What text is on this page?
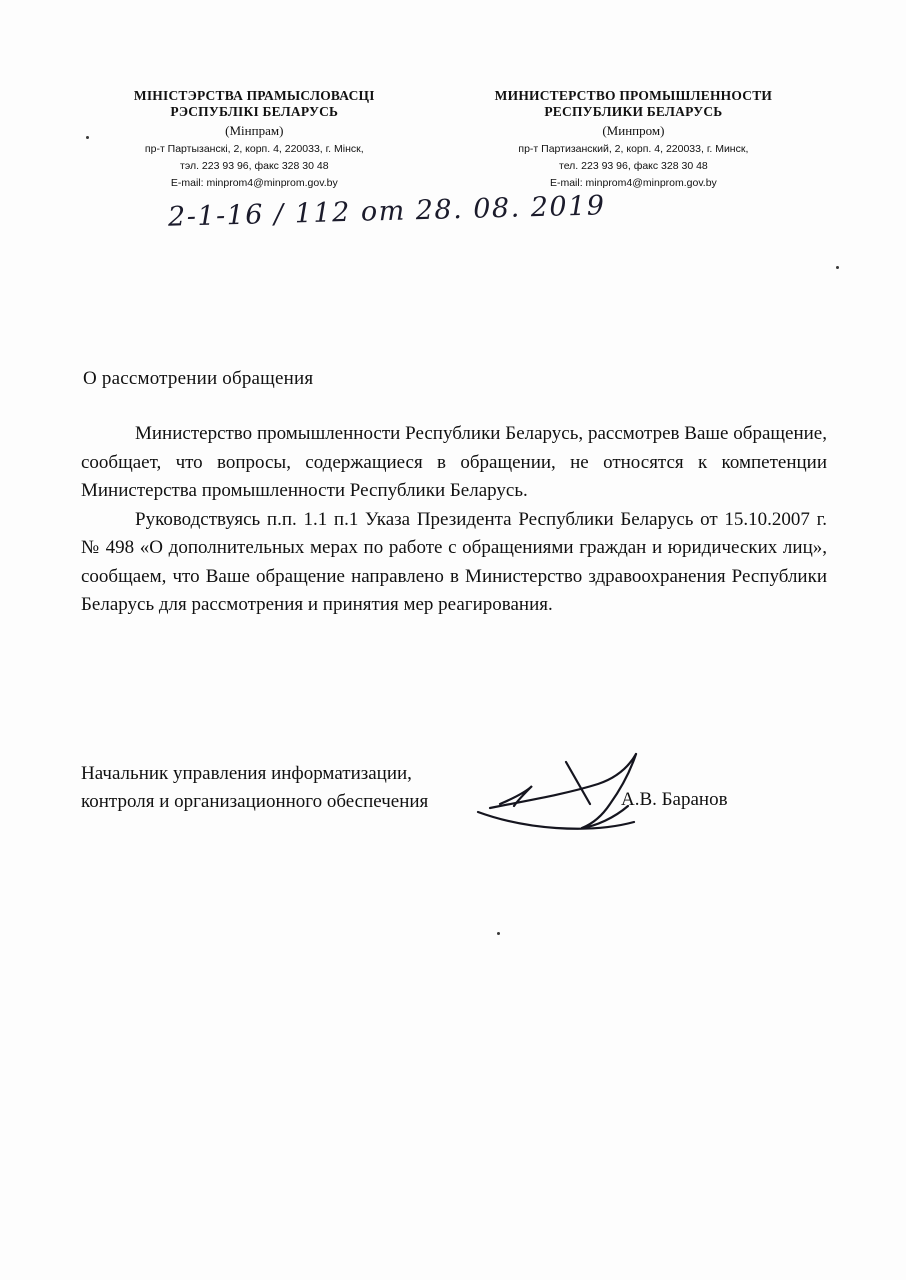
МІНІСТЭРСТВА ПРАМЫСЛОВАСЦІ
РЭСПУБЛІКІ БЕЛАРУСЬ
(Мінпрам)
пр-т Партызанскі, 2, корп. 4, 220033, г. Мінск,
тэл. 223 93 96, факс 328 30 48
E-mail: minprom4@minprom.gov.by
МИНИСТЕРСТВО ПРОМЫШЛЕННОСТИ
РЕСПУБЛИКИ БЕЛАРУСЬ
(Минпром)
пр-т Партизанский, 2, корп. 4, 220033, г. Минск,
тел. 223 93 96, факс 328 30 48
E-mail: minprom4@minprom.gov.by
2-1-16 / 112 от 28. 08. 2019
О рассмотрении обращения

Министерство промышленности Республики Беларусь, рассмотрев Ваше обращение, сообщает, что вопросы, содержащиеся в обращении, не относятся к компетенции Министерства промышленности Республики Беларусь.

Руководствуясь п.п. 1.1 п.1 Указа Президента Республики Беларусь от 15.10.2007 г. № 498 «О дополнительных мерах по работе с обращениями граждан и юридических лиц», сообщаем, что Ваше обращение направлено в Министерство здравоохранения Республики Беларусь для рассмотрения и принятия мер реагирования.

Начальник управления информатизации,
контроля и организационного обеспечения	А.В. Баранов
